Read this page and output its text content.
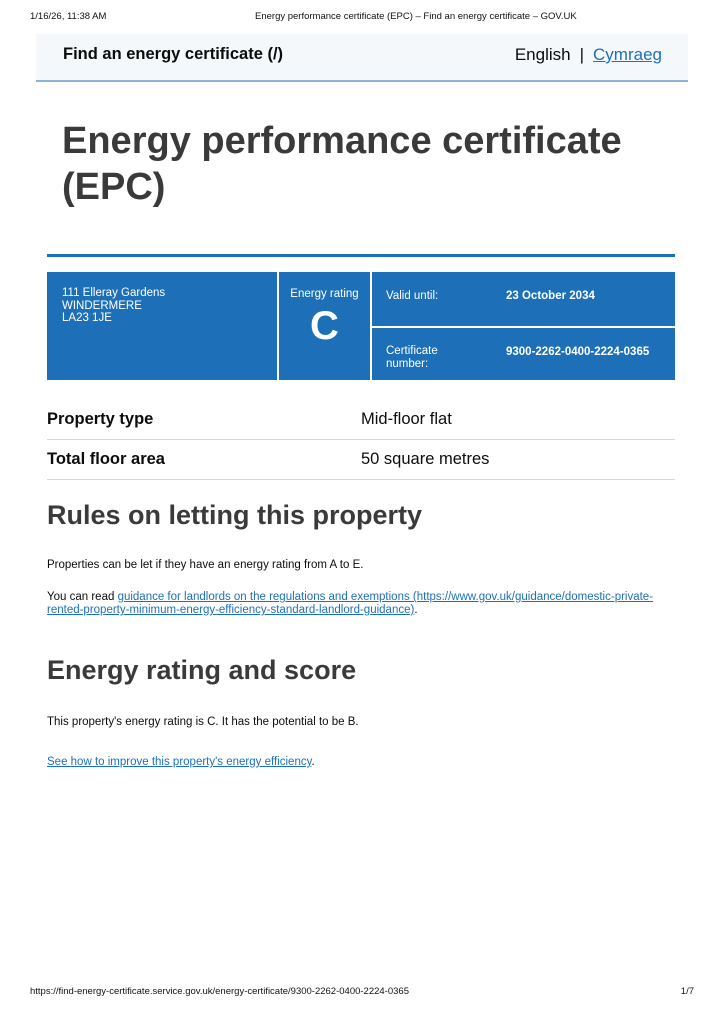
1/16/26, 11:38 AM	Energy performance certificate (EPC) – Find an energy certificate – GOV.UK
Find an energy certificate (/)	English | Cymraeg
Energy performance certificate (EPC)
111 Elleray Gardens
WINDERMERE
LA23 1JE
Energy rating
C
Valid until:	23 October 2034
Certificate number:
9300-2262-0400-2224-0365
Property type	Mid-floor flat
Total floor area	50 square metres
Rules on letting this property

Properties can be let if they have an energy rating from A to E.

You can read guidance for landlords on the regulations and exemptions (https://www.gov.uk/guidance/domestic-private-rented-property-minimum-energy-efficiency-standard-landlord-guidance).

Energy rating and score

This property's energy rating is C. It has the potential to be B.

See how to improve this property's energy efficiency.

https://find-energy-certificate.service.gov.uk/energy-certificate/9300-2262-0400-2224-0365	1/7
